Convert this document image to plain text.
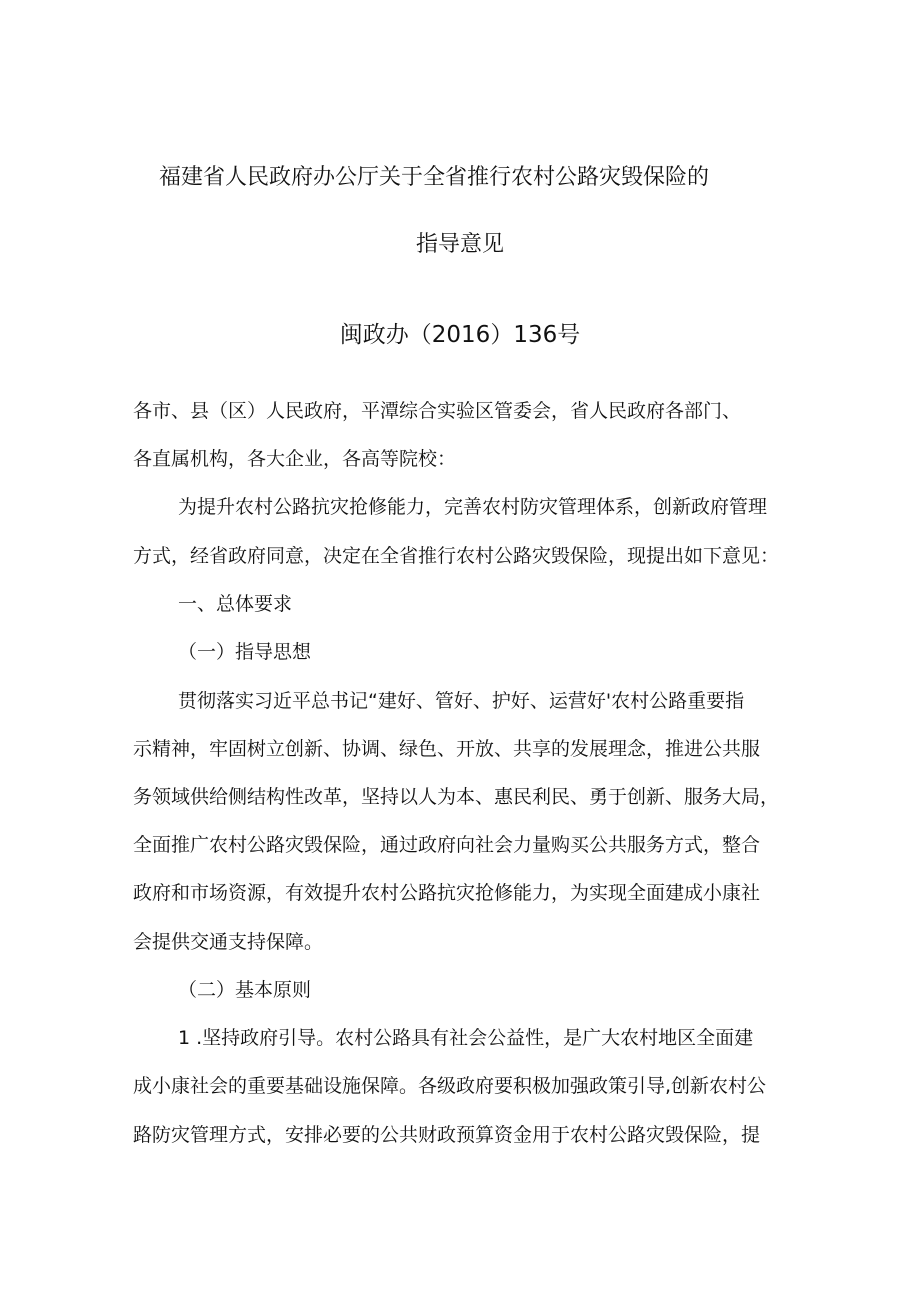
福建省人民政府办公厅关于全省推行农村公路灾毁保险的
指导意见
闽政办（2016）136号
各市、县（区）人民政府，平潭综合实验区管委会，省人民政府各部门、
各直属机构，各大企业，各高等院校：
为提升农村公路抗灾抢修能力，完善农村防灾管理体系，创新政府管理
方式，经省政府同意，决定在全省推行农村公路灾毁保险，现提出如下意见：
一、总体要求
（一）指导思想
贯彻落实习近平总书记“建好、管好、护好、运营好'农村公路重要指
示精神，牢固树立创新、协调、绿色、开放、共享的发展理念，推进公共服
务领域供给侧结构性改革，坚持以人为本、惠民利民、勇于创新、服务大局，
全面推广农村公路灾毁保险，通过政府向社会力量购买公共服务方式，整合
政府和市场资源，有效提升农村公路抗灾抢修能力，为实现全面建成小康社
会提供交通支持保障。
（二）基本原则
1 .坚持政府引导。农村公路具有社会公益性，是广大农村地区全面建
成小康社会的重要基础设施保障。各级政府要积极加强政策引导,创新农村公
路防灾管理方式，安排必要的公共财政预算资金用于农村公路灾毁保险，提
